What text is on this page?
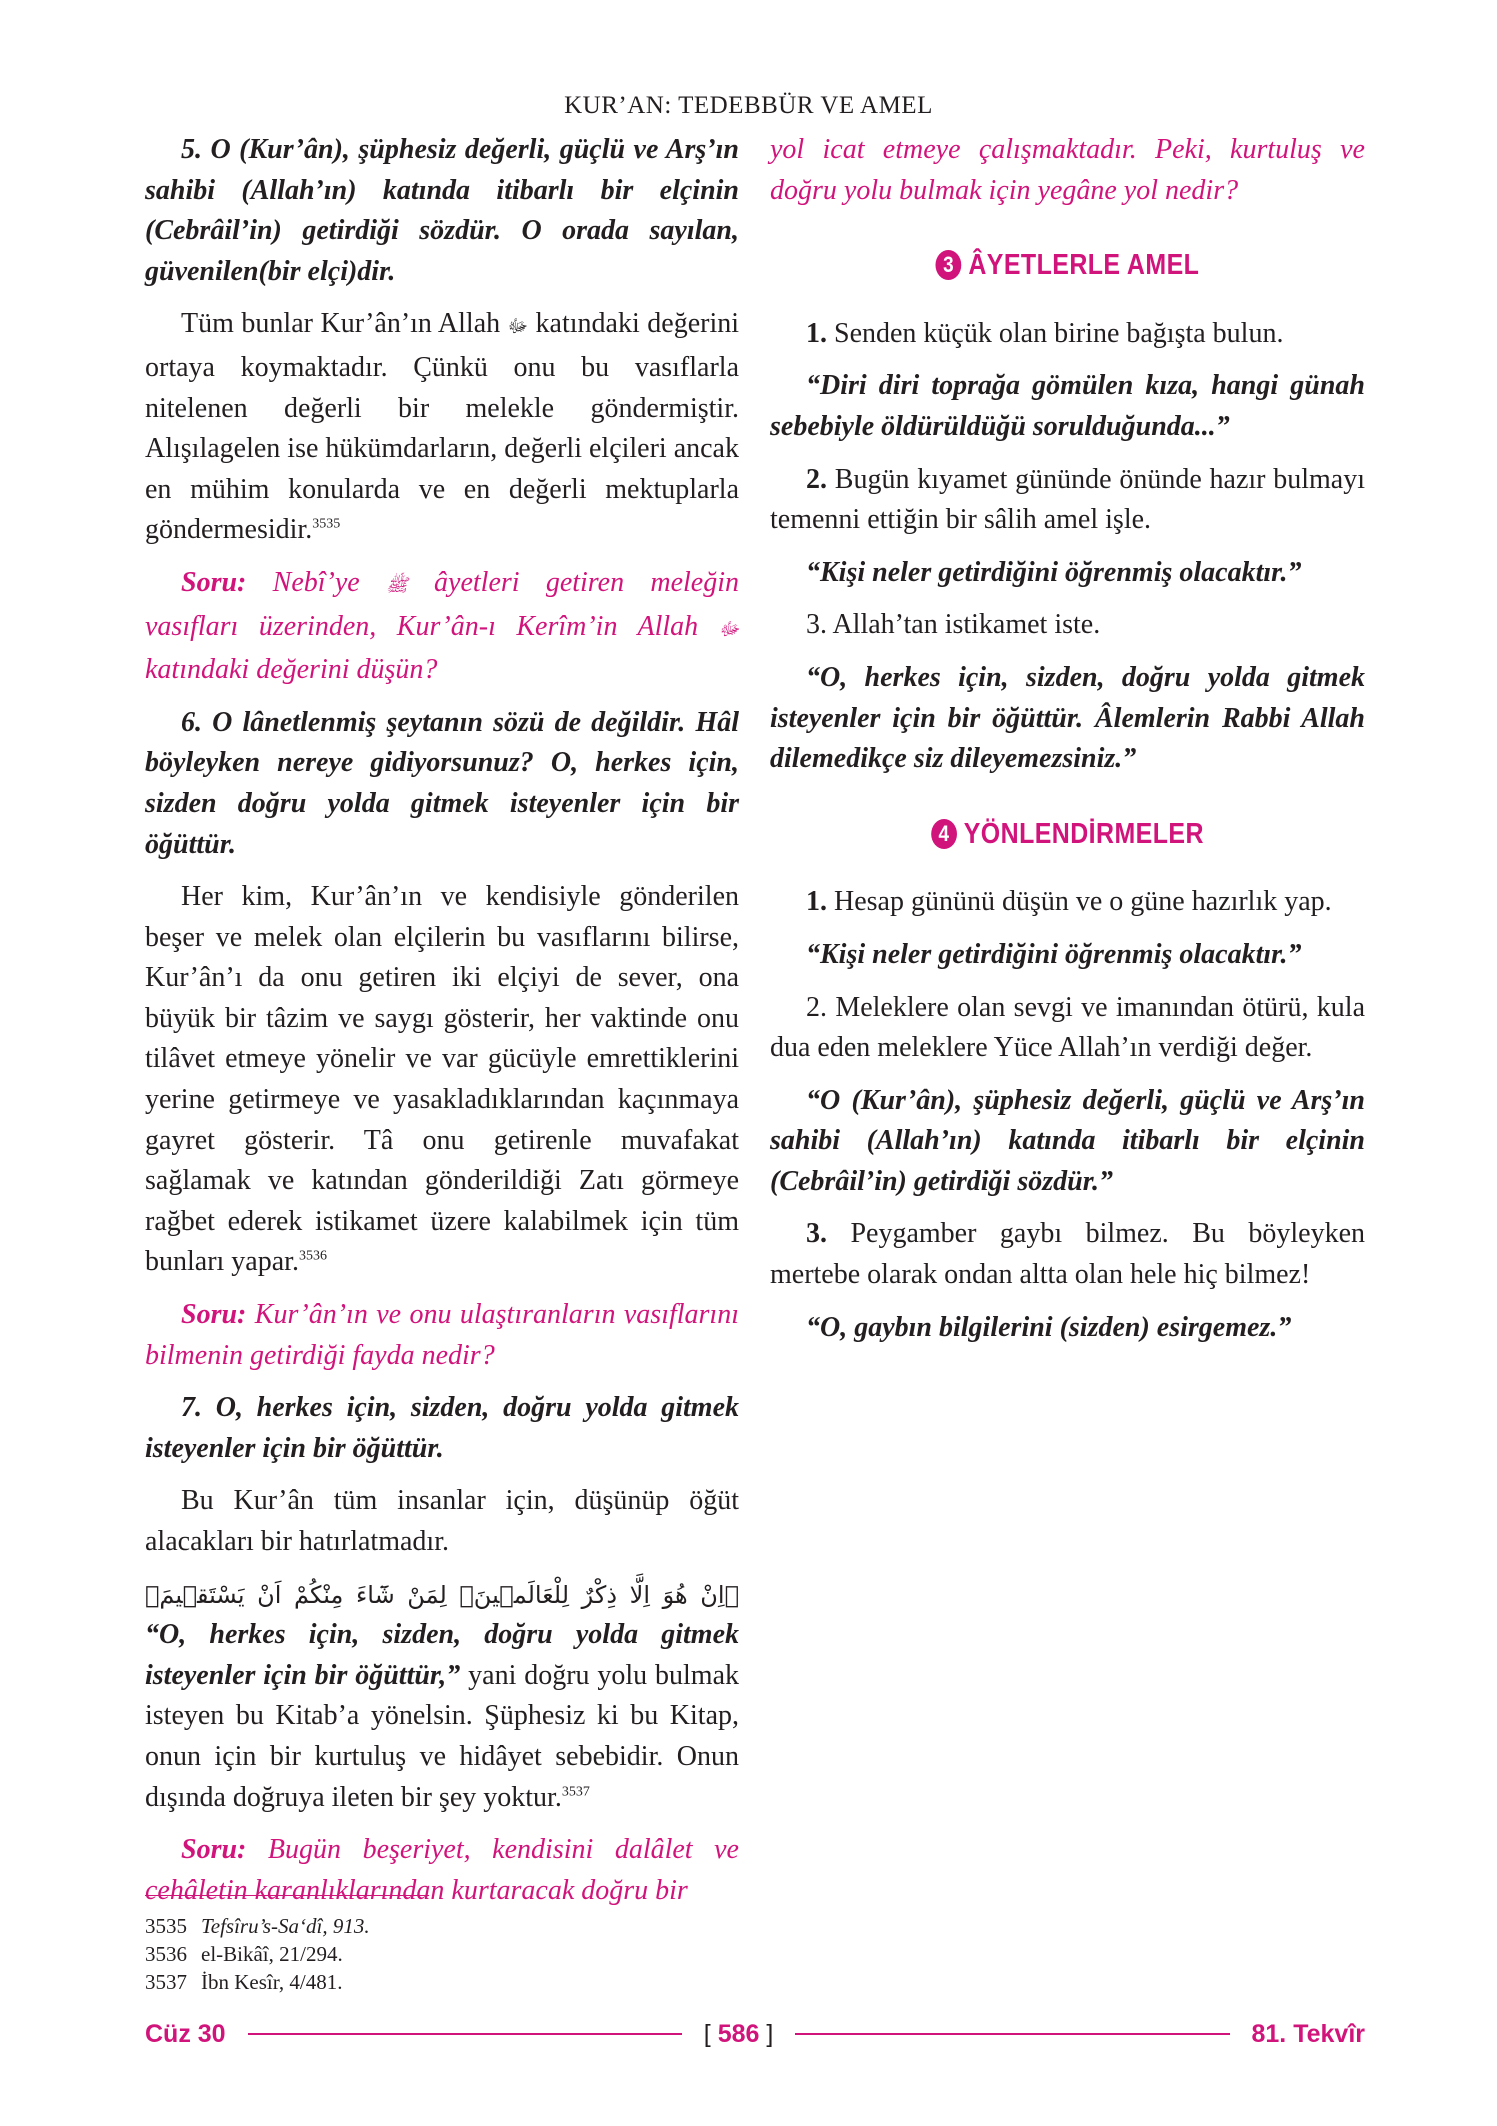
KUR’AN: TEDEBBÜR VE AMEL

5. O (Kur’ân), şüphesiz değerli, güçlü ve Arş’ın sahibi (Allah’ın) katında itibarlı bir elçinin (Cebrâil’in) getirdiği sözdür. O orada sayılan, güvenilen(bir elçi)dir.

Tüm bunlar Kur’ân’ın Allah ﷻ katındaki değerini ortaya koymaktadır. Çünkü onu bu vasıflarla nitelenen değerli bir melekle göndermiştir. Alışılagelen ise hükümdarların, değerli elçileri ancak en mühim konularda ve en değerli mektuplarla göndermesidir.$^{3535}$

Soru: Nebî’ye ﷺ âyetleri getiren meleğin vasıfları üzerinden, Kur’ân-ı Kerîm’in Allah ﷻ katındaki değerini düşün?

6. O lânetlenmiş şeytanın sözü de değildir. Hâl böyleyken nereye gidiyorsunuz? O, herkes için, sizden doğru yolda gitmek isteyenler için bir öğüttür.

Her kim, Kur’ân’ın ve kendisiyle gönderilen beşer ve melek olan elçilerin bu vasıflarını bilirse, Kur’ân’ı da onu getiren iki elçiyi de sever, ona büyük bir tâzim ve saygı gösterir, her vaktinde onu tilâvet etmeye yönelir ve var gücüyle emrettiklerini yerine getirmeye ve yasakladıklarından kaçınmaya gayret gösterir. Tâ onu getirenle muvafakat sağlamak ve katından gönderildiği Zatı görmeye rağbet ederek istikamet üzere kalabilmek için tüm bunları yapar.$^{3536}$

Soru: Kur’ân’ın ve onu ulaştıranların vasıflarını bilmenin getirdiği fayda nedir?

7. O, herkes için, sizden, doğru yolda gitmek isteyenler için bir öğüttür.

Bu Kur’ân tüm insanlar için, düşünüp öğüt alacakları bir hatırlatmadır.

﴿اِنْ هُوَ اِلَّا ذِكْرٌ لِلْعَالَم۪ينَۙ لِمَنْ شَٓاءَ مِنْكُمْ اَنْ يَسْتَق۪يمَ﴾ “O, herkes için, sizden, doğru yolda gitmek isteyenler için bir öğüttür,” yani doğru yolu bulmak isteyen bu Kitab’a yönelsin. Şüphesiz ki bu Kitap, onun için bir kurtuluş ve hidâyet sebebidir. Onun dışında doğruya ileten bir şey yoktur.$^{3537}$

Soru: Bugün beşeriyet, kendisini dalâlet ve cehâletin karanlıklarından kurtaracak doğru bir

yol icat etmeye çalışmaktadır. Peki, kurtuluş ve doğru yolu bulmak için yegâne yol nedir?

3 ÂYETLERLE AMEL

1. Senden küçük olan birine bağışta bulun.

“Diri diri toprağa gömülen kıza, hangi günah sebebiyle öldürüldüğü sorulduğunda...”

2. Bugün kıyamet gününde önünde hazır bulmayı temenni ettiğin bir sâlih amel işle.

“Kişi neler getirdiğini öğrenmiş olacaktır.”

3. Allah’tan istikamet iste.

“O, herkes için, sizden, doğru yolda gitmek isteyenler için bir öğüttür. Âlemlerin Rabbi Allah dilemedikçe siz dileyemezsiniz.”

4 YÖNLENDİRMELER

1. Hesap gününü düşün ve o güne hazırlık yap.

“Kişi neler getirdiğini öğrenmiş olacaktır.”

2. Meleklere olan sevgi ve imanından ötürü, kula dua eden meleklere Yüce Allah’ın verdiği değer.

“O (Kur’ân), şüphesiz değerli, güçlü ve Arş’ın sahibi (Allah’ın) katında itibarlı bir elçinin (Cebrâil’in) getirdiği sözdür.”

3. Peygamber gaybı bilmez. Bu böyleyken mertebe olarak ondan altta olan hele hiç bilmez!

“O, gaybın bilgilerini (sizden) esirgemez.”

3535 Tefsîru’s-Sa‘dî, 913.
3536 el-Bikâî, 21/294.
3537 İbn Kesîr, 4/481.
Cüz 30	[ 586 ]	81. Tekvîr
